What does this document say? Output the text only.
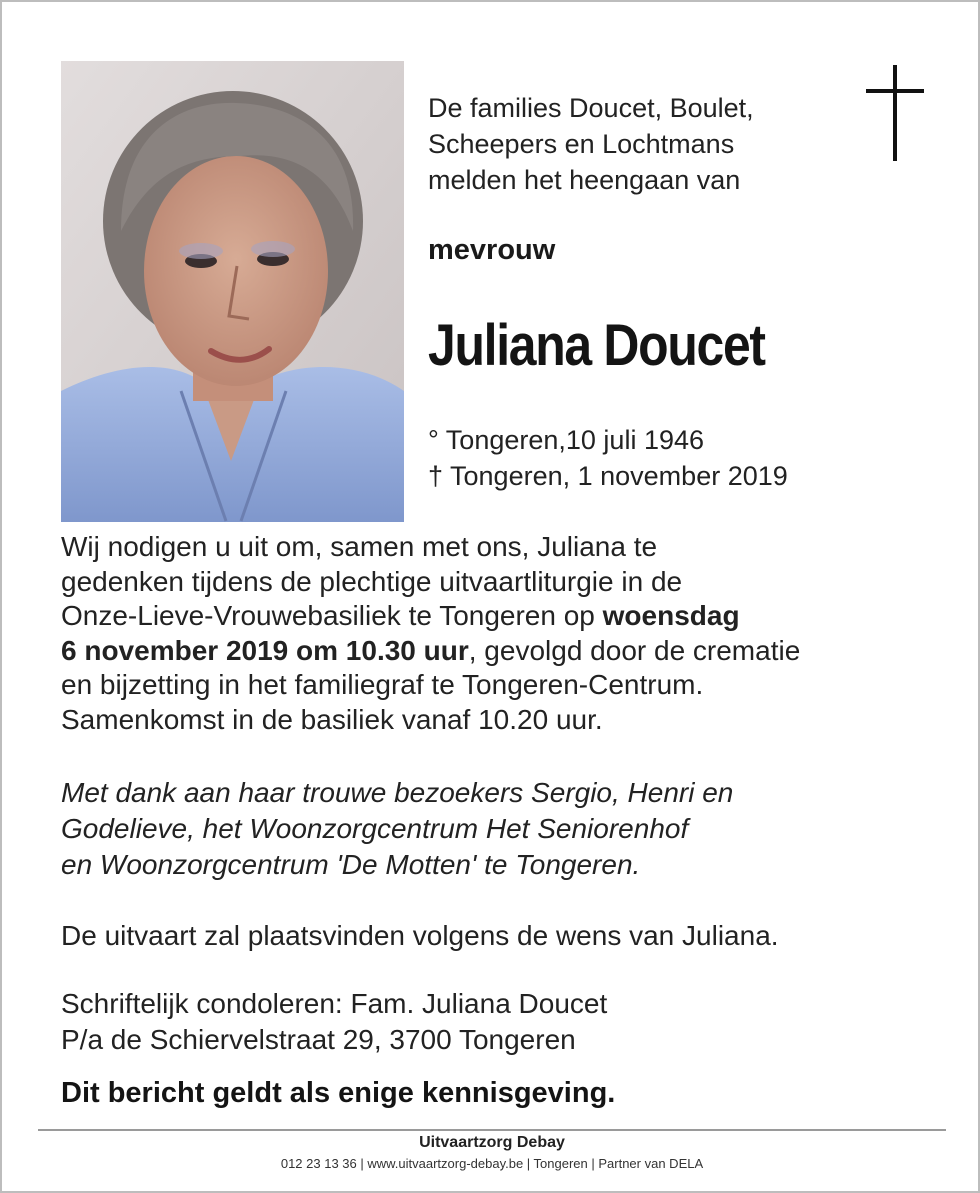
De families Doucet, Boulet,
Scheepers en Lochtmans
melden het heengaan van
mevrouw
Juliana Doucet
° Tongeren,10 juli 1946
† Tongeren, 1 november 2019
Wij nodigen u uit om, samen met ons, Juliana te
gedenken tijdens de plechtige uitvaartliturgie in de
Onze-Lieve-Vrouwebasiliek te Tongeren op woensdag
6 november 2019 om 10.30 uur, gevolgd door de crematie
en bijzetting in het familiegraf te Tongeren-Centrum.
Samenkomst in de basiliek vanaf 10.20 uur.
Met dank aan haar trouwe bezoekers Sergio, Henri en
Godelieve, het Woonzorgcentrum Het Seniorenhof
en Woonzorgcentrum 'De Motten' te Tongeren.
De uitvaart zal plaatsvinden volgens de wens van Juliana.
Schriftelijk condoleren: Fam. Juliana Doucet
P/a de Schiervelstraat 29, 3700 Tongeren
Dit bericht geldt als enige kennisgeving.
Uitvaartzorg Debay
012 23 13 36 | www.uitvaartzorg-debay.be | Tongeren | Partner van DELA
